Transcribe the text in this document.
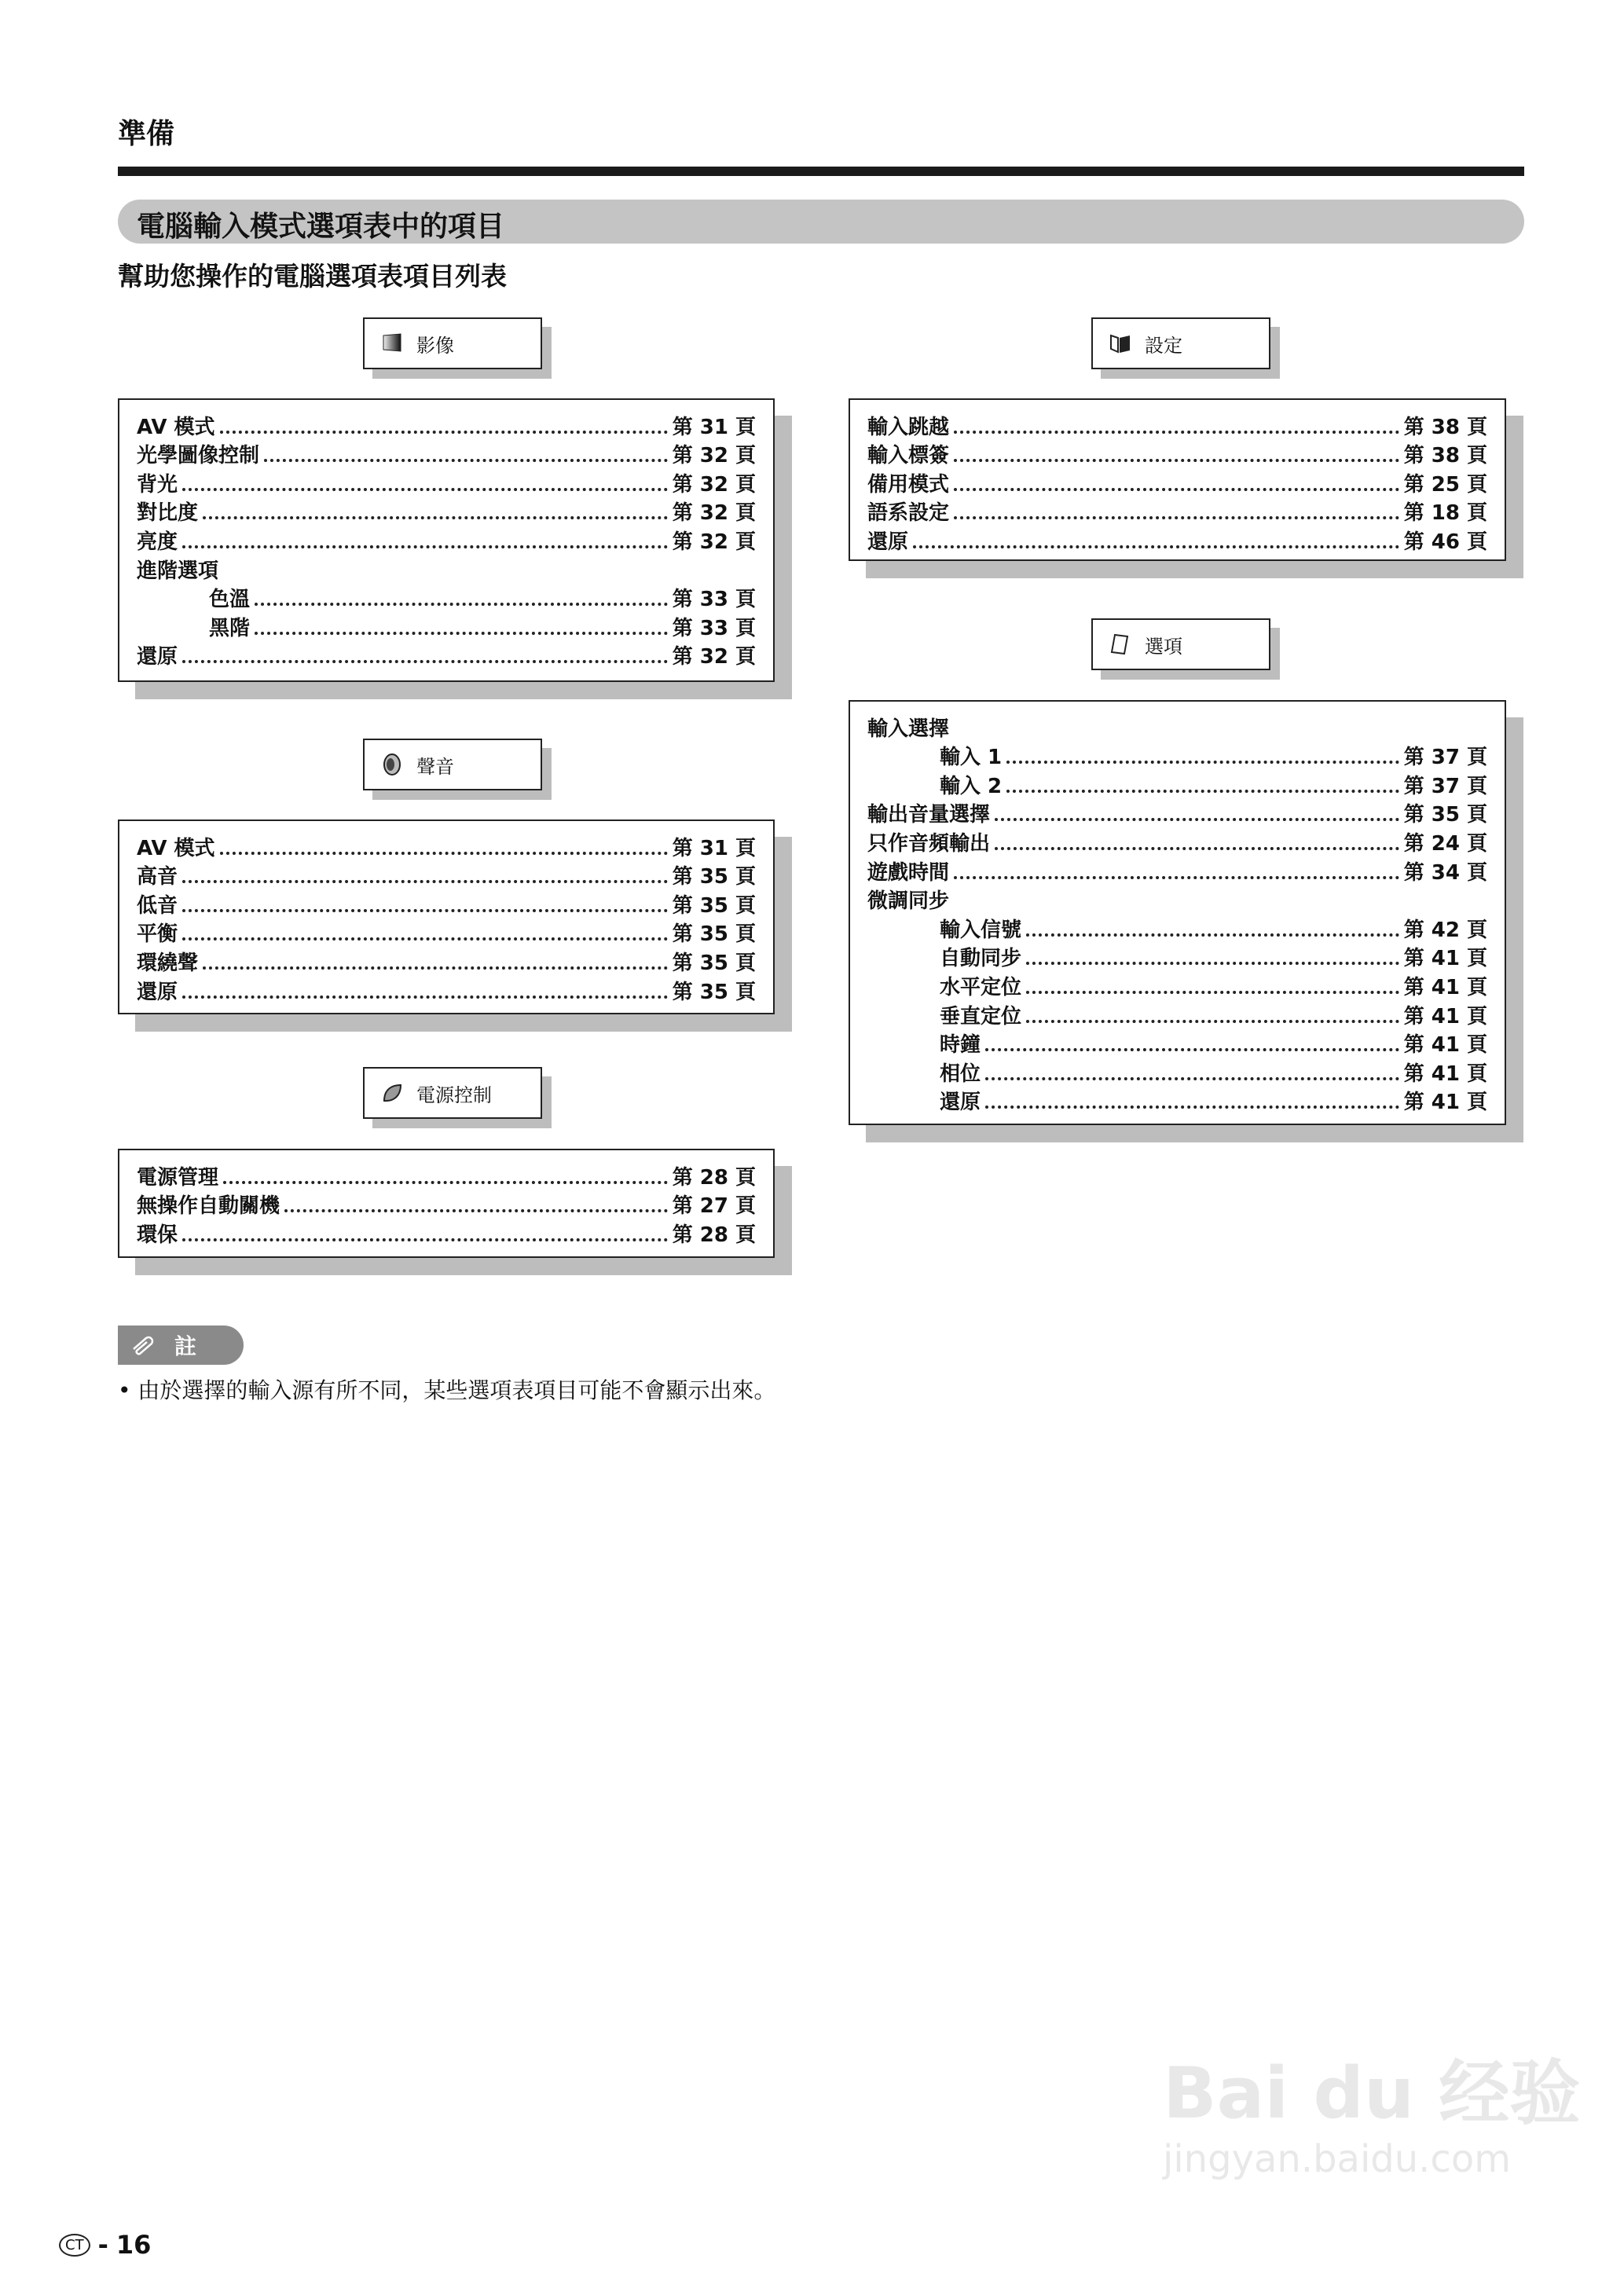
準備
電腦輸入模式選項表中的項目
幫助您操作的電腦選項表項目列表
影像
AV 模式	第 31 頁
光學圖像控制	第 32 頁
背光	第 32 頁
對比度	第 32 頁
亮度	第 32 頁
進階選項
色溫	第 33 頁
黑階	第 33 頁
還原	第 32 頁
聲音
AV 模式	第 31 頁
高音	第 35 頁
低音	第 35 頁
平衡	第 35 頁
環繞聲	第 35 頁
還原	第 35 頁
電源控制
電源管理	第 28 頁
無操作自動關機	第 27 頁
環保	第 28 頁
設定
輸入跳越	第 38 頁
輸入標簽	第 38 頁
備用模式	第 25 頁
語系設定	第 18 頁
還原	第 46 頁
選項
輸入選擇
輸入 1	第 37 頁
輸入 2	第 37 頁
輸出音量選擇	第 35 頁
只作音頻輸出	第 24 頁
遊戲時間	第 34 頁
微調同步
輸入信號	第 42 頁
自動同步	第 41 頁
水平定位	第 41 頁
垂直定位	第 41 頁
時鐘	第 41 頁
相位	第 41 頁
還原	第 41 頁
註
• 由於選擇的輸入源有所不同，某些選項表項目可能不會顯示出來。
CT - 16
Bai du 经验
jingyan.baidu.com
